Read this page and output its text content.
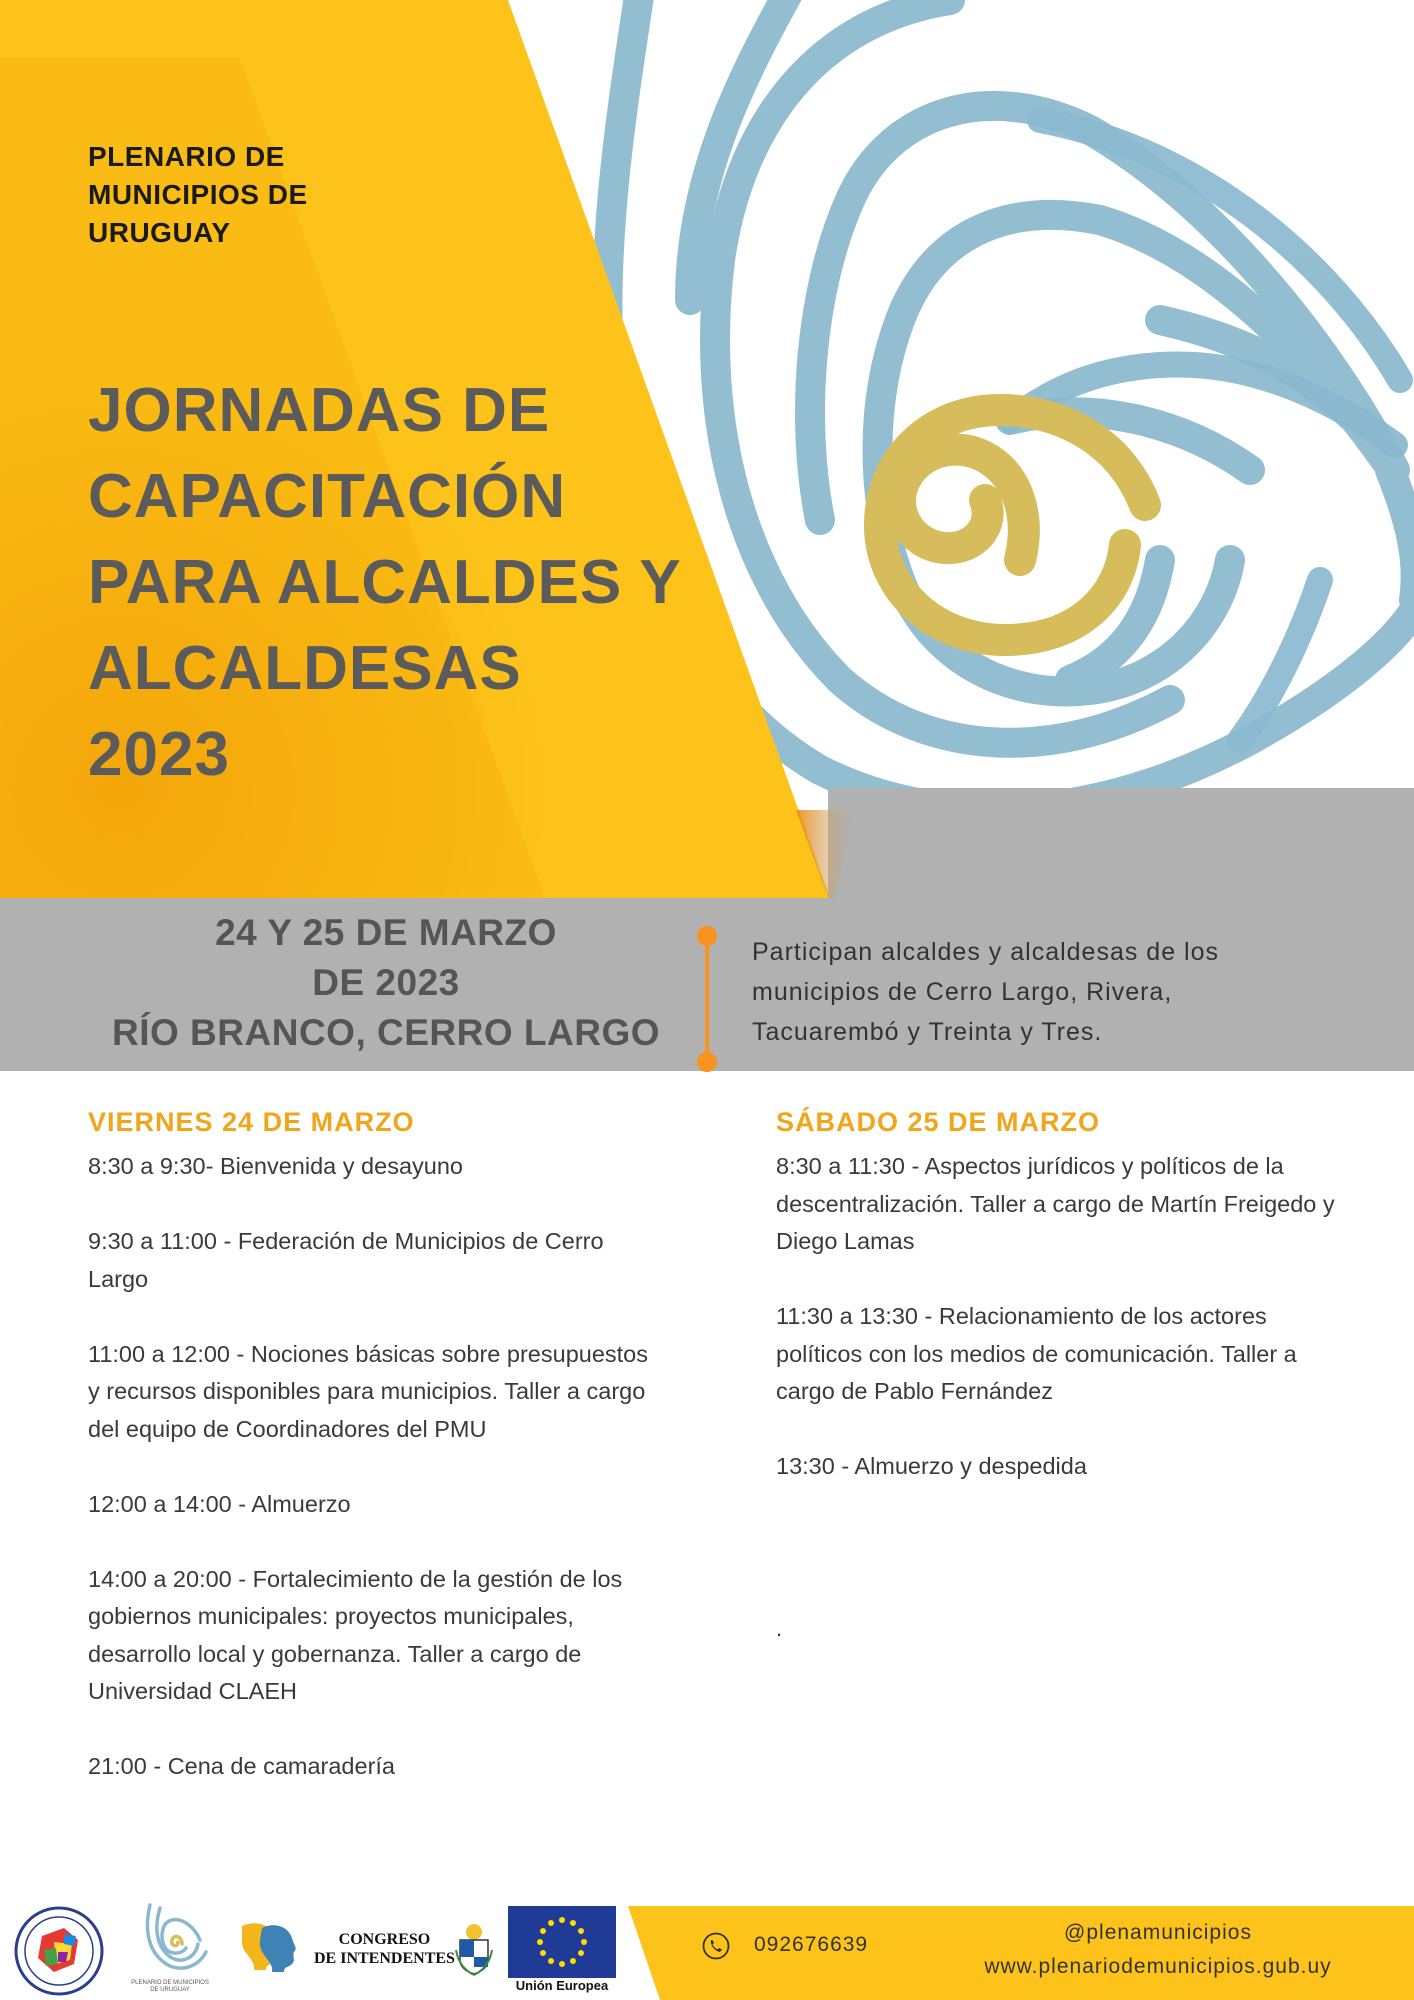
PLENARIO DE MUNICIPIOS DE URUGUAY
JORNADAS DE
CAPACITACIÓN
PARA ALCALDES Y
ALCALDESAS
2023
24 Y 25 DE MARZO
DE 2023
RÍO BRANCO, CERRO LARGO
Participan alcaldes y alcaldesas de los municipios de Cerro Largo, Rivera, Tacuarembó y Treinta y Tres.
VIERNES 24 DE MARZO
8:30 a 9:30- Bienvenida y desayuno
9:30 a 11:00 - Federación de Municipios de Cerro Largo
11:00 a 12:00 - Nociones básicas sobre presupuestos y recursos disponibles para municipios. Taller a cargo del equipo de Coordinadores del PMU
12:00 a 14:00 - Almuerzo
14:00 a 20:00 - Fortalecimiento de la gestión de los gobiernos municipales: proyectos municipales, desarrollo local y gobernanza. Taller a cargo de Universidad CLAEH
21:00 - Cena de camaradería
SÁBADO 25 DE MARZO
8:30 a 11:30 - Aspectos jurídicos y políticos de la descentralización. Taller a cargo de Martín Freigedo y Diego Lamas
11:30 a 13:30 - Relacionamiento de los actores políticos con los medios de comunicación. Taller a cargo de Pablo Fernández
13:30 - Almuerzo y despedida
.
PLENARIO DE MUNICIPIOS DE URUGUAY
CONGRESO
DE INTENDENTES
Unión Europea
092676639
@plenamunicipios
www.plenariodemunicipios.gub.uy
